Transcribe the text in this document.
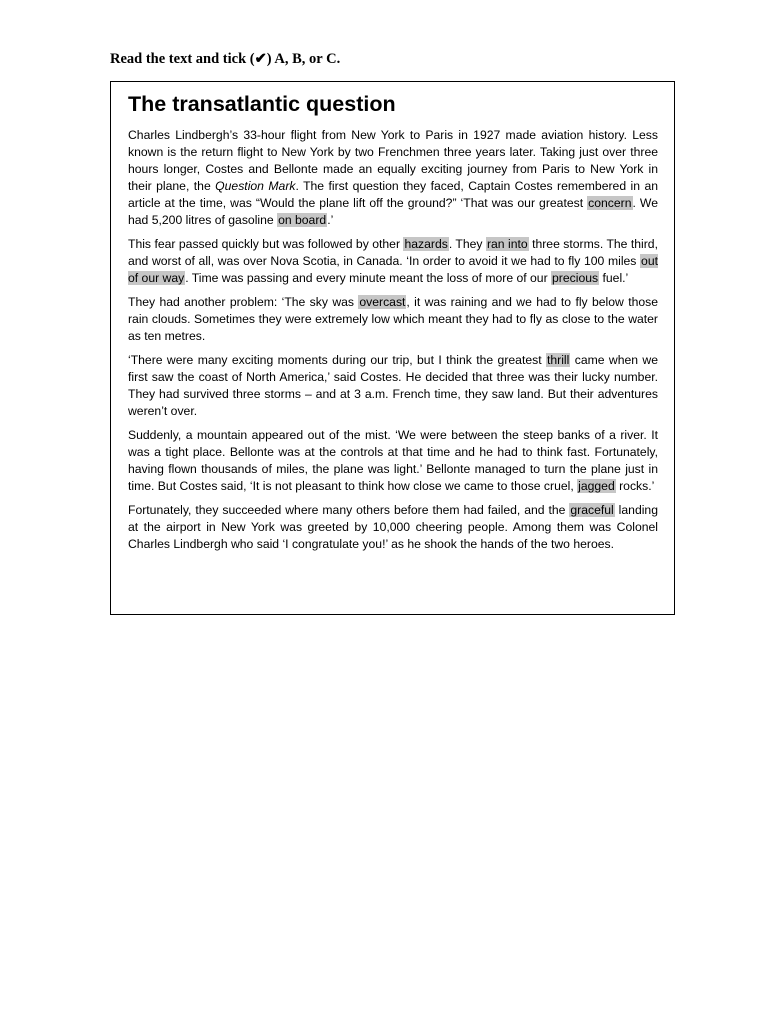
Read the text and tick (✔) A, B, or C.
The transatlantic question

Charles Lindbergh’s 33-hour flight from New York to Paris in 1927 made aviation history. Less known is the return flight to New York by two Frenchmen three years later. Taking just over three hours longer, Costes and Bellonte made an equally exciting journey from Paris to New York in their plane, the Question Mark. The first question they faced, Captain Costes remembered in an article at the time, was “Would the plane lift off the ground?” ‘That was our greatest concern. We had 5,200 litres of gasoline on board.’

This fear passed quickly but was followed by other hazards. They ran into three storms. The third, and worst of all, was over Nova Scotia, in Canada. ‘In order to avoid it we had to fly 100 miles out of our way. Time was passing and every minute meant the loss of more of our precious fuel.’

They had another problem: ‘The sky was overcast, it was raining and we had to fly below those rain clouds. Sometimes they were extremely low which meant they had to fly as close to the water as ten metres.

‘There were many exciting moments during our trip, but I think the greatest thrill came when we first saw the coast of North America,’ said Costes. He decided that three was their lucky number. They had survived three storms – and at 3 a.m. French time, they saw land. But their adventures weren’t over.

Suddenly, a mountain appeared out of the mist. ‘We were between the steep banks of a river. It was a tight place. Bellonte was at the controls at that time and he had to think fast. Fortunately, having flown thousands of miles, the plane was light.’ Bellonte managed to turn the plane just in time. But Costes said, ‘It is not pleasant to think how close we came to those cruel, jagged rocks.’

Fortunately, they succeeded where many others before them had failed, and the graceful landing at the airport in New York was greeted by 10,000 cheering people. Among them was Colonel Charles Lindbergh who said ‘I congratulate you!’ as he shook the hands of the two heroes.
